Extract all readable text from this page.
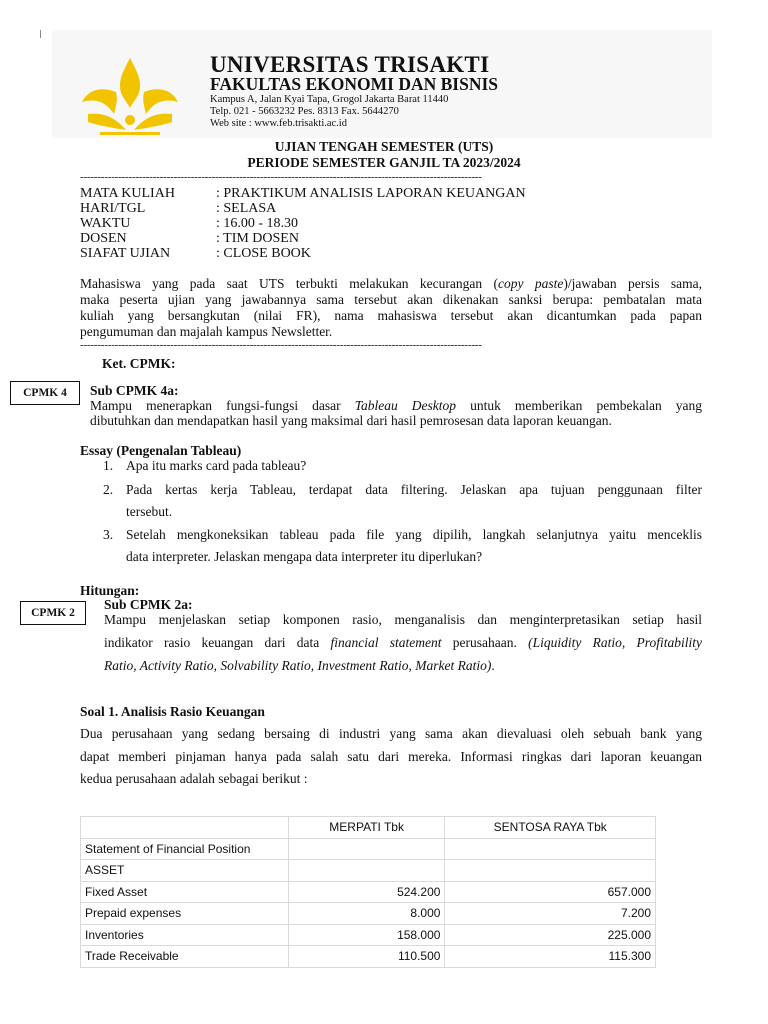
UNIVERSITAS TRISAKTI
FAKULTAS EKONOMI DAN BISNIS
Kampus A, Jalan Kyai Tapa, Grogol Jakarta Barat 11440
Telp. 021 - 5663232 Pes. 8313 Fax. 5644270
Web site : www.feb.trisakti.ac.id
UJIAN TENGAH SEMESTER (UTS)
PERIODE SEMESTER GANJIL TA 2023/2024
--------------------------------------------------------------------------------------------------------------------
MATA KULIAH	: PRAKTIKUM ANALISIS LAPORAN KEUANGAN
HARI/TGL	: SELASA
WAKTU	: 16.00 - 18.30
DOSEN	: TIM DOSEN
SIAFAT UJIAN	: CLOSE BOOK
Mahasiswa yang pada saat UTS terbukti melakukan kecurangan (copy paste)/jawaban persis sama,
maka peserta ujian yang jawabannya sama tersebut akan dikenakan sanksi berupa: pembatalan mata
kuliah yang bersangkutan (nilai FR), nama mahasiswa tersebut akan dicantumkan pada papan
pengumuman dan majalah kampus Newsletter.
--------------------------------------------------------------------------------------------------------------------
Ket. CPMK:
CPMK 4	Sub CPMK 4a:
Mampu menerapkan fungsi-fungsi dasar Tableau Desktop untuk memberikan pembekalan yang
dibutuhkan dan mendapatkan hasil yang maksimal dari hasil pemrosesan data laporan keuangan.
Essay (Pengenalan Tableau)
1. Apa itu marks card pada tableau?
2. Pada kertas kerja Tableau, terdapat data filtering. Jelaskan apa tujuan penggunaan filter
tersebut.
3. Setelah mengkoneksikan tableau pada file yang dipilih, langkah selanjutnya yaitu menceklis
data interpreter. Jelaskan mengapa data interpreter itu diperlukan?
Hitungan:
CPMK 2
Sub CPMK 2a:
Mampu menjelaskan setiap komponen rasio, menganalisis dan menginterpretasikan setiap hasil
indikator rasio keuangan dari data financial statement perusahaan. (Liquidity Ratio, Profitability
Ratio, Activity Ratio, Solvability Ratio, Investment Ratio, Market Ratio).
Soal 1. Analisis Rasio Keuangan
Dua perusahaan yang sedang bersaing di industri yang sama akan dievaluasi oleh sebuah bank yang
dapat memberi pinjaman hanya pada salah satu dari mereka. Informasi ringkas dari laporan keuangan
kedua perusahaan adalah sebagai berikut :
	MERPATI Tbk	SENTOSA RAYA Tbk
Statement of Financial Position		
ASSET		
Fixed Asset	524.200	657.000
Prepaid expenses	8.000	7.200
Inventories	158.000	225.000
Trade Receivable	110.500	115.300
